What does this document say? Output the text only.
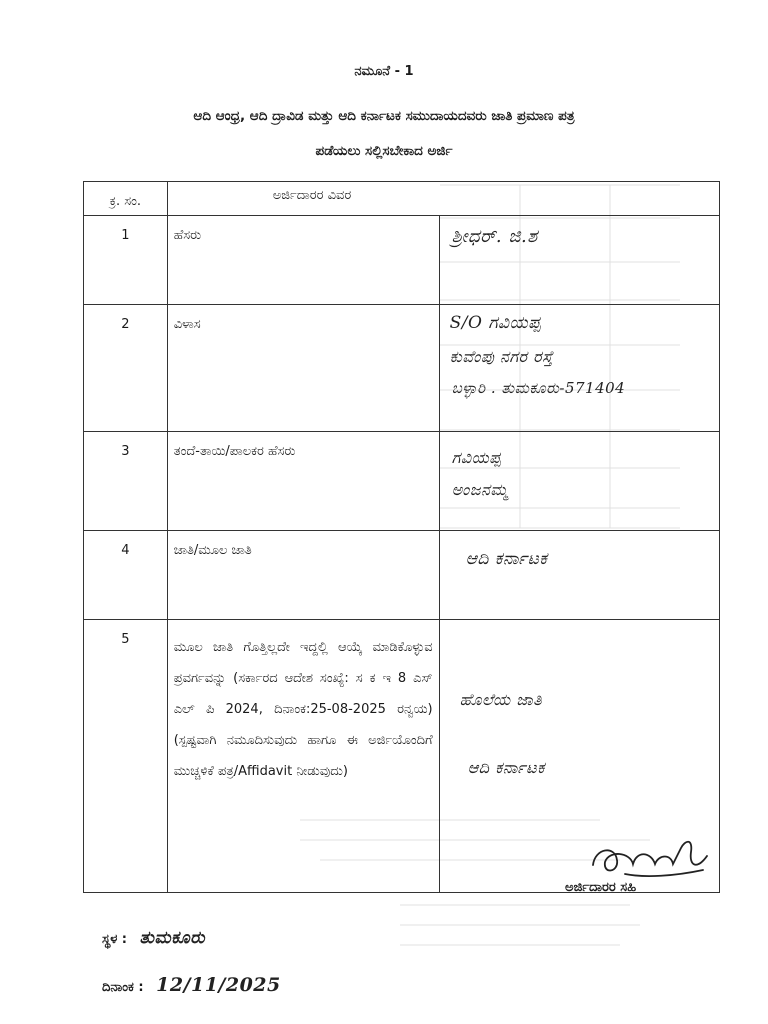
ನಮೂನೆ - 1
ಆದಿ ಆಂಧ್ರ, ಆದಿ ದ್ರಾವಿಡ ಮತ್ತು ಆದಿ ಕರ್ನಾಟಕ ಸಮುದಾಯದವರು ಜಾತಿ ಪ್ರಮಾಣ ಪತ್ರ
ಪಡೆಯಲು ಸಲ್ಲಿಸಬೇಕಾದ ಅರ್ಜಿ
ಕ್ರ. ಸಂ.	ಅರ್ಜಿದಾರರ ವಿವರ	
1	ಹೆಸರು	ಶ್ರೀಧರ್. ಜಿ.ಶ

2	ವಿಳಾಸ	S/O ಗವಿಯಪ್ಪ
ಕುವೆಂಪು ನಗರ ರಸ್ತೆ
ಬಳ್ಳಾರಿ . ತುಮಕೂರು-571404

3	ತಂದೆ-ತಾಯಿ/ಪಾಲಕರ ಹೆಸರು	ಗವಿಯಪ್ಪ
ಅಂಜನಮ್ಮ

4	ಜಾತಿ/ಮೂಲ ಜಾತಿ	ಆದಿ ಕರ್ನಾಟಕ

5	ಮೂಲ ಜಾತಿ ಗೊತ್ತಿಲ್ಲದೇ ಇದ್ದಲ್ಲಿ ಆಯ್ಕೆ ಮಾಡಿಕೊಳ್ಳುವ ಪ್ರವರ್ಗವನ್ನು (ಸರ್ಕಾರದ ಆದೇಶ ಸಂಖ್ಯೆ: ಸ ಕ ಇ 8 ಎಸ್ ಎಲ್ ಪಿ 2024, ದಿನಾಂಕ:25-08-2025 ರನ್ವಯ) (ಸ್ಪಷ್ಟವಾಗಿ ನಮೂದಿಸುವುದು ಹಾಗೂ ಈ ಅರ್ಜಿಯೊಂದಿಗೆ ಮುಚ್ಚಳಿಕೆ ಪತ್ರ/Affidavit ನೀಡುವುದು)	ಹೊಲೆಯ ಜಾತಿ
ಆದಿ ಕರ್ನಾಟಕ
ಅರ್ಜಿದಾರರ ಸಹಿ
ಸ್ಥಳ : ತುಮಕೂರು
ದಿನಾಂಕ : 12/11/2025
